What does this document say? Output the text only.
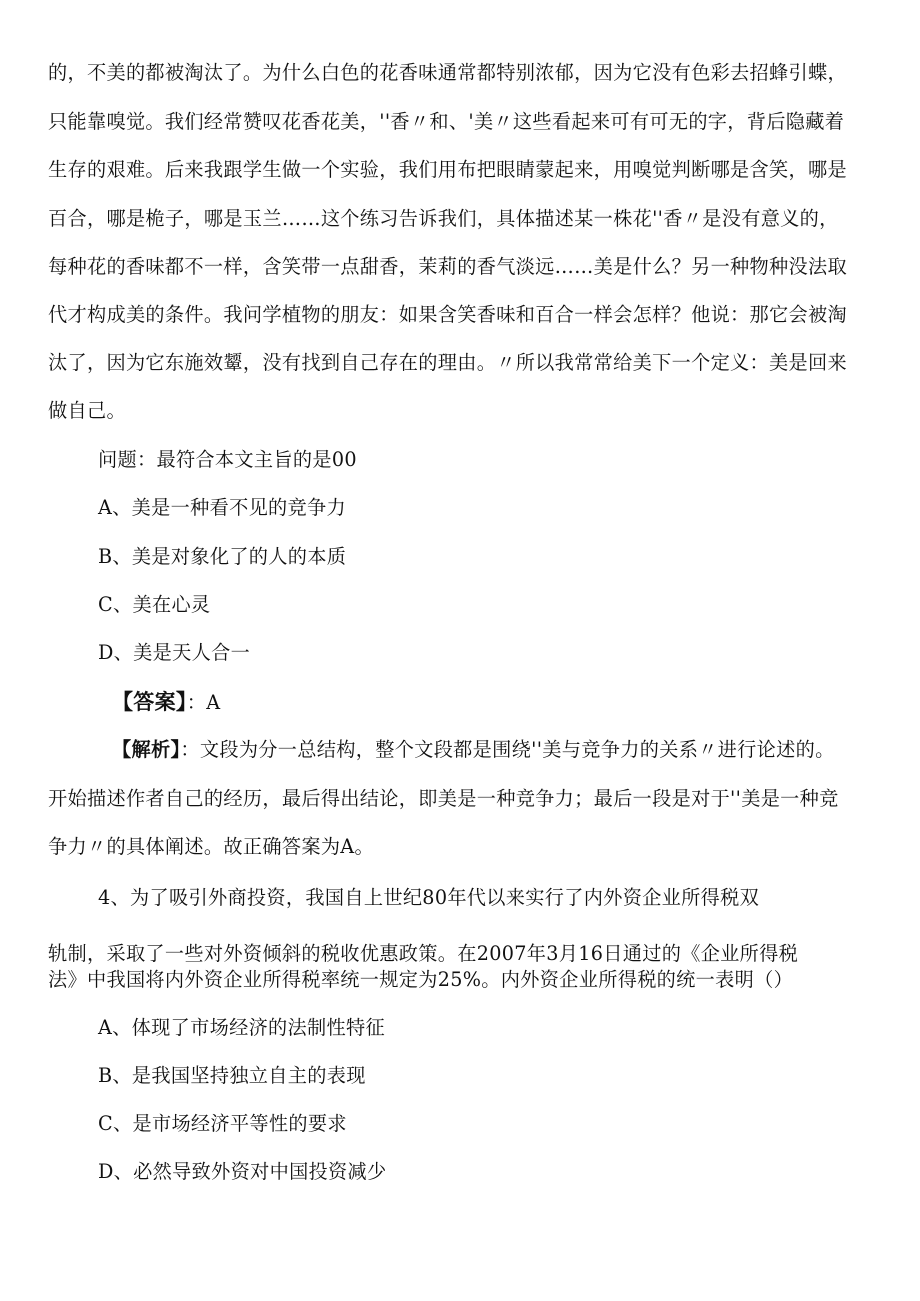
的，不美的都被淘汰了。为什么白色的花香味通常都特别浓郁，因为它没有色彩去招蜂引蝶，
只能靠嗅觉。我们经常赞叹花香花美，''香〃和、'美〃这些看起来可有可无的字，背后隐藏着
生存的艰难。后来我跟学生做一个实验，我们用布把眼睛蒙起来，用嗅觉判断哪是含笑，哪是
百合，哪是桅子，哪是玉兰……这个练习告诉我们，具体描述某一株花''香〃是没有意义的，
每种花的香味都不一样，含笑带一点甜香，茉莉的香气淡远……美是什么？另一种物种没法取
代才构成美的条件。我问学植物的朋友：如果含笑香味和百合一样会怎样？他说：那它会被淘
汰了，因为它东施效颦，没有找到自己存在的理由。〃所以我常常给美下一个定义：美是回来
做自己。
问题：最符合本文主旨的是00
A、美是一种看不见的竞争力
B、美是对象化了的人的本质
C、美在心灵
D、美是天人合一
【答案】：A
【解析】：文段为分一总结构，整个文段都是围绕''美与竞争力的关系〃进行论述的。
开始描述作者自己的经历，最后得出结论，即美是一种竞争力；最后一段是对于''美是一种竞
争力〃的具体阐述。故正确答案为A。
4、为了吸引外商投资，我国自上世纪80年代以来实行了内外资企业所得税双
轨制，采取了一些对外资倾斜的税收优惠政策。在2007年3月16日通过的《企业所得税
法》中我国将内外资企业所得税率统一规定为25%。内外资企业所得税的统一表明（）
A、体现了市场经济的法制性特征
B、是我国坚持独立自主的表现
C、是市场经济平等性的要求
D、必然导致外资对中国投资减少
